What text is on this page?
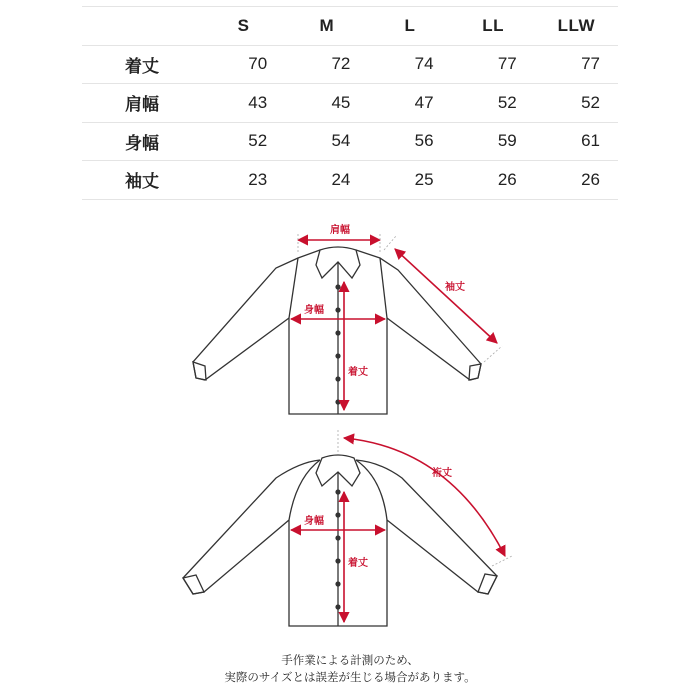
	S	M	L	LL	LLW
着丈	70	72	74	77	77
肩幅	43	45	47	52	52
身幅	52	54	56	59	61
袖丈	23	24	25	26	26
肩幅
身幅
着丈
袖丈
身幅
着丈
裄丈
手作業による計測のため、
実際のサイズとは誤差が生じる場合があります。
